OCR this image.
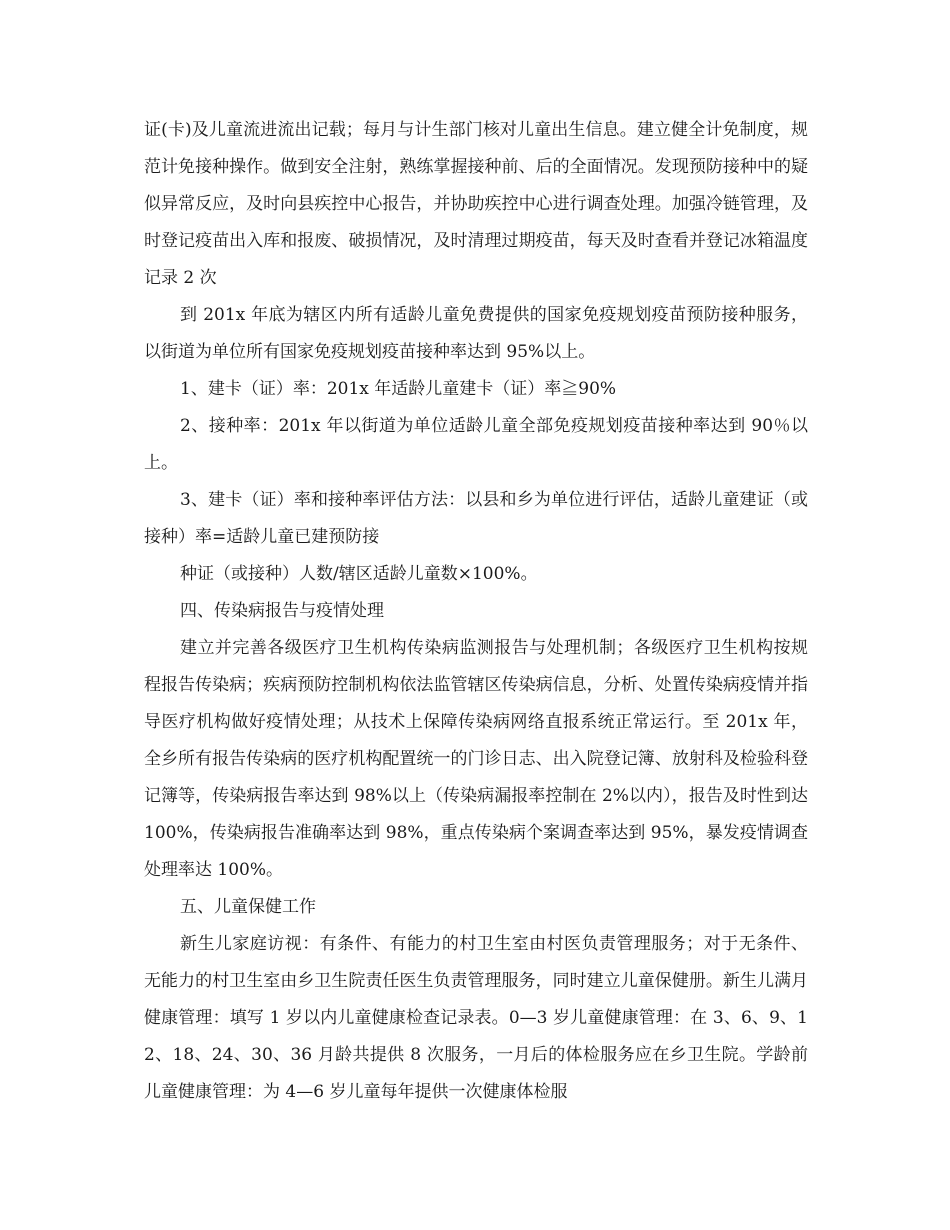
证(卡)及儿童流进流出记载；每月与计生部门核对儿童出生信息。建立健全计免制度，规范计免接种操作。做到安全注射，熟练掌握接种前、后的全面情况。发现预防接种中的疑似异常反应，及时向县疾控中心报告，并协助疾控中心进行调查处理。加强冷链管理，及时登记疫苗出入库和报废、破损情况，及时清理过期疫苗，每天及时查看并登记冰箱温度记录 2 次

到 201x 年底为辖区内所有适龄儿童免费提供的国家免疫规划疫苗预防接种服务，以街道为单位所有国家免疫规划疫苗接种率达到 95%以上。

1、建卡（证）率：201x 年适龄儿童建卡（证）率≧90%

2、接种率：201x 年以街道为单位适龄儿童全部免疫规划疫苗接种率达到 90％以上。

3、建卡（证）率和接种率评估方法：以县和乡为单位进行评估，适龄儿童建证（或接种）率=适龄儿童已建预防接

种证（或接种）人数/辖区适龄儿童数×100%。

四、传染病报告与疫情处理

建立并完善各级医疗卫生机构传染病监测报告与处理机制；各级医疗卫生机构按规程报告传染病；疾病预防控制机构依法监管辖区传染病信息，分析、处置传染病疫情并指导医疗机构做好疫情处理；从技术上保障传染病网络直报系统正常运行。至 201x 年，全乡所有报告传染病的医疗机构配置统一的门诊日志、出入院登记簿、放射科及检验科登记簿等，传染病报告率达到 98%以上（传染病漏报率控制在 2%以内），报告及时性到达 100%，传染病报告准确率达到 98%，重点传染病个案调查率达到 95%，暴发疫情调查处理率达 100%。

五、儿童保健工作

新生儿家庭访视：有条件、有能力的村卫生室由村医负责管理服务；对于无条件、无能力的村卫生室由乡卫生院责任医生负责管理服务，同时建立儿童保健册。新生儿满月健康管理：填写 1 岁以内儿童健康检查记录表。0—3 岁儿童健康管理：在 3、6、9、12、18、24、30、36 月龄共提供 8 次服务，一月后的体检服务应在乡卫生院。学龄前儿童健康管理：为 4—6 岁儿童每年提供一次健康体检服
